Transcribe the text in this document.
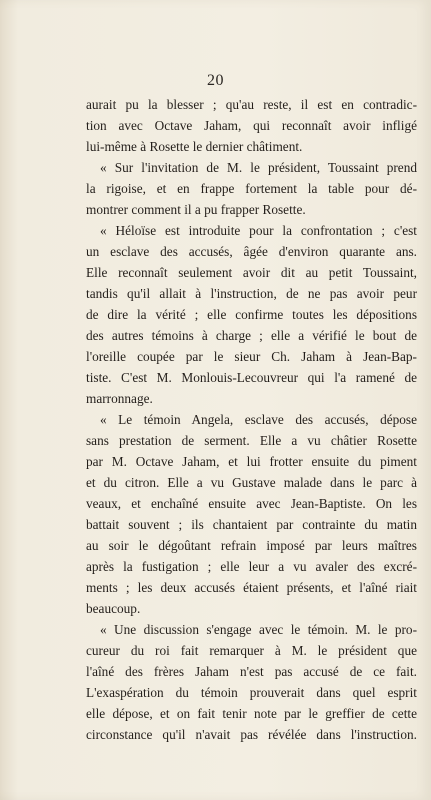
20
aurait pu la blesser ; qu'au reste, il est en contradic-
tion avec Octave Jaham, qui reconnaît avoir infligé
lui-même à Rosette le dernier châtiment.
« Sur l'invitation de M. le président, Toussaint prend
la rigoise, et en frappe fortement la table pour dé-
montrer comment il a pu frapper Rosette.
« Héloïse est introduite pour la confrontation ; c'est
un esclave des accusés, âgée d'environ quarante ans.
Elle reconnaît seulement avoir dit au petit Toussaint,
tandis qu'il allait à l'instruction, de ne pas avoir peur
de dire la vérité ; elle confirme toutes les dépositions
des autres témoins à charge ; elle a vérifié le bout de
l'oreille coupée par le sieur Ch. Jaham à Jean-Bap-
tiste. C'est M. Monlouis-Lecouvreur qui l'a ramené de
marronnage.
« Le témoin Angela, esclave des accusés, dépose
sans prestation de serment. Elle a vu châtier Rosette
par M. Octave Jaham, et lui frotter ensuite du piment
et du citron. Elle a vu Gustave malade dans le parc à
veaux, et enchaîné ensuite avec Jean-Baptiste. On les
battait souvent ; ils chantaient par contrainte du matin
au soir le dégoûtant refrain imposé par leurs maîtres
après la fustigation ; elle leur a vu avaler des excré-
ments ; les deux accusés étaient présents, et l'aîné riait
beaucoup.
« Une discussion s'engage avec le témoin. M. le pro-
cureur du roi fait remarquer à M. le président que
l'aîné des frères Jaham n'est pas accusé de ce fait.
L'exaspération du témoin prouverait dans quel esprit
elle dépose, et on fait tenir note par le greffier de cette
circonstance qu'il n'avait pas révélée dans l'instruction.
